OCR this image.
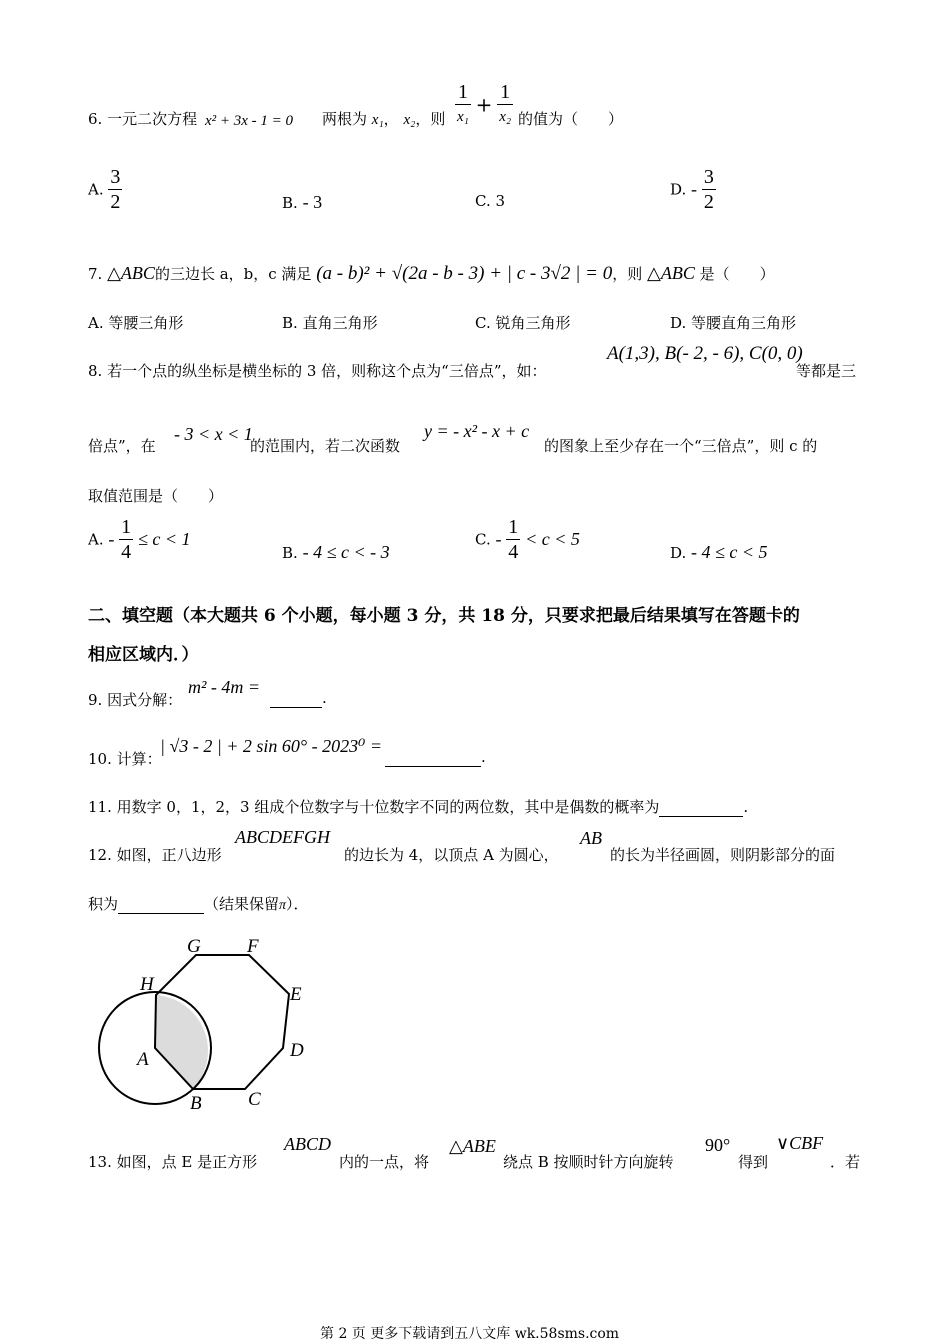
6. 一元二次方程 x² + 3x - 1 = 0 两根为 x₁， x₂，则 $\frac{1}{\text{x₁}} + \frac{1}{\text{x₂}}$ 的值为（　　）
A. $\frac{3}{2}$	B. - 3	C. 3
D. - $\frac{3}{2}$
7. △ABC的三边长 a，b，c 满足 (a - b)² + √(2a - b - 3) + | c - 3√2 | = 0，则 △ABC 是（　　）
A. 等腰三角形	B. 直角三角形	C. 锐角三角形	D. 等腰直角三角形
8. 若一个点的纵坐标是横坐标的 3 倍，则称这个点为“三倍点”，如：
A(1,3), B(- 2, - 6), C(0, 0)
等都是三
倍点”，在
- 3 < x < 1
的范围内，若二次函数
y = - x² - x + c
的图象上至少存在一个“三倍点”，则 c 的
取值范围是（　　）
A. - $\frac{1}{4} \le c < 1$
B. - 4 ≤ c < - 3
C. - $\frac{1}{4} < c < 5$
D. - 4 ≤ c < 5
二、填空题（本大题共 6 个小题，每小题 3 分，共 18 分，只要求把最后结果填写在答题卡的
相应区域内．）
9. 因式分解：
m² - 4m =
.
10. 计算：
| √3 - 2 | + 2 sin 60° - 2023⁰ =
.
11. 用数字 0，1，2，3 组成个位数字与十位数字不同的两位数，其中是偶数的概率为	.
12. 如图，正八边形
ABCDEFGH
的边长为 4，以顶点 A 为圆心，
AB
的长为半径画圆，则阴影部分的面
积为	（结果保留π）．
G F
H	E
A	D
B C
13. 如图，点 E 是正方形
ABCD
内的一点，将
△ABE
绕点 B 按顺时针方向旋转
90°
得到
∨CBF
．若
第 2 页 更多下载请到五八文库 wk.58sms.com
